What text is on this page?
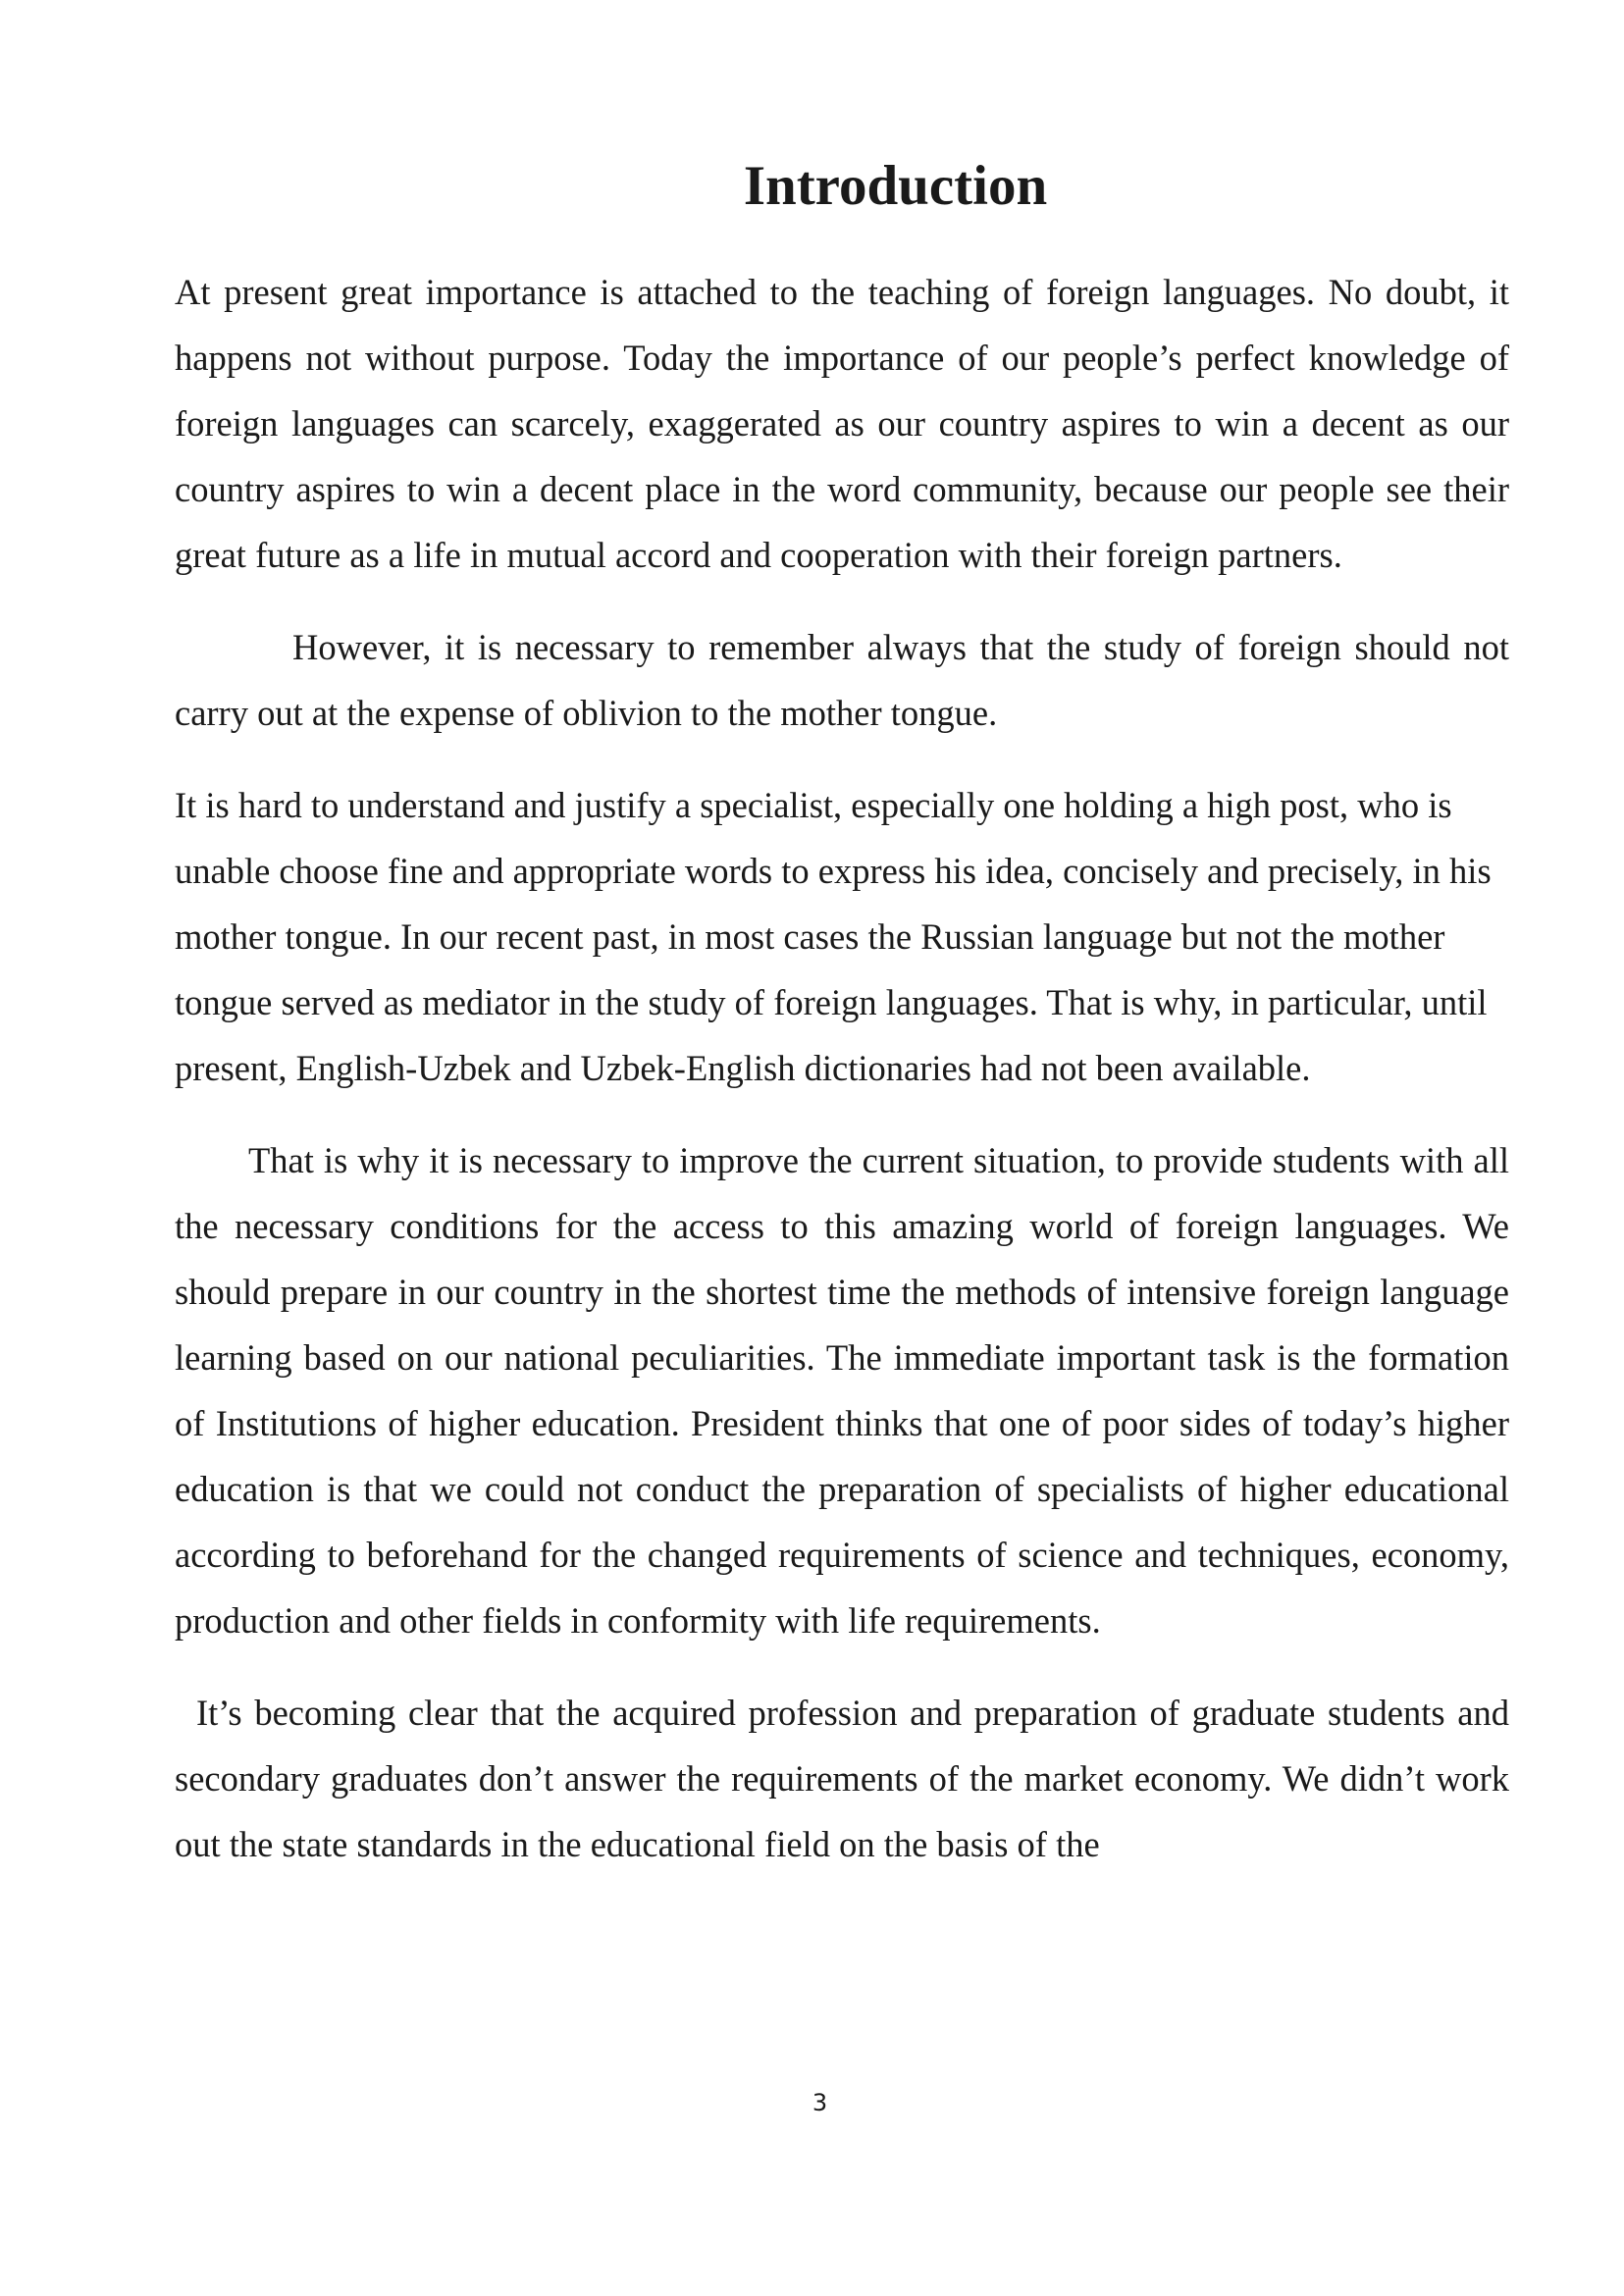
Introduction

At present great importance is attached to the teaching of foreign languages. No doubt, it happens not without purpose. Today the importance of our people’s perfect knowledge of foreign languages can scarcely, exaggerated as our country aspires to win a decent as our country aspires to win a decent place in the word community, because our people see their great future as a life in mutual accord and cooperation with their foreign partners.

However, it is necessary to remember always that the study of foreign should not carry out at the expense of oblivion to the mother tongue.

It is hard to understand and justify a specialist, especially one holding a high post, who is unable choose fine and appropriate words to express his idea, concisely and precisely, in his mother tongue. In our recent past, in most cases the Russian language but not the mother tongue served as mediator in the study of foreign languages. That is why, in particular, until present, English-Uzbek and Uzbek-English dictionaries had not been available.

That is why it is necessary to improve the current situation, to provide students with all the necessary conditions for the access to this amazing world of foreign languages. We should prepare in our country in the shortest time the methods of intensive foreign language learning based on our national peculiarities. The immediate important task is the formation of Institutions of higher education. President thinks that one of poor sides of today’s higher education is that we could not conduct the preparation of specialists of higher educational according to beforehand for the changed requirements of science and techniques, economy, production and other fields in conformity with life requirements.

It’s becoming clear that the acquired profession and preparation of graduate students and secondary graduates don’t answer the requirements of the market economy. We didn’t work out the state standards in the educational field on the basis of the

3
